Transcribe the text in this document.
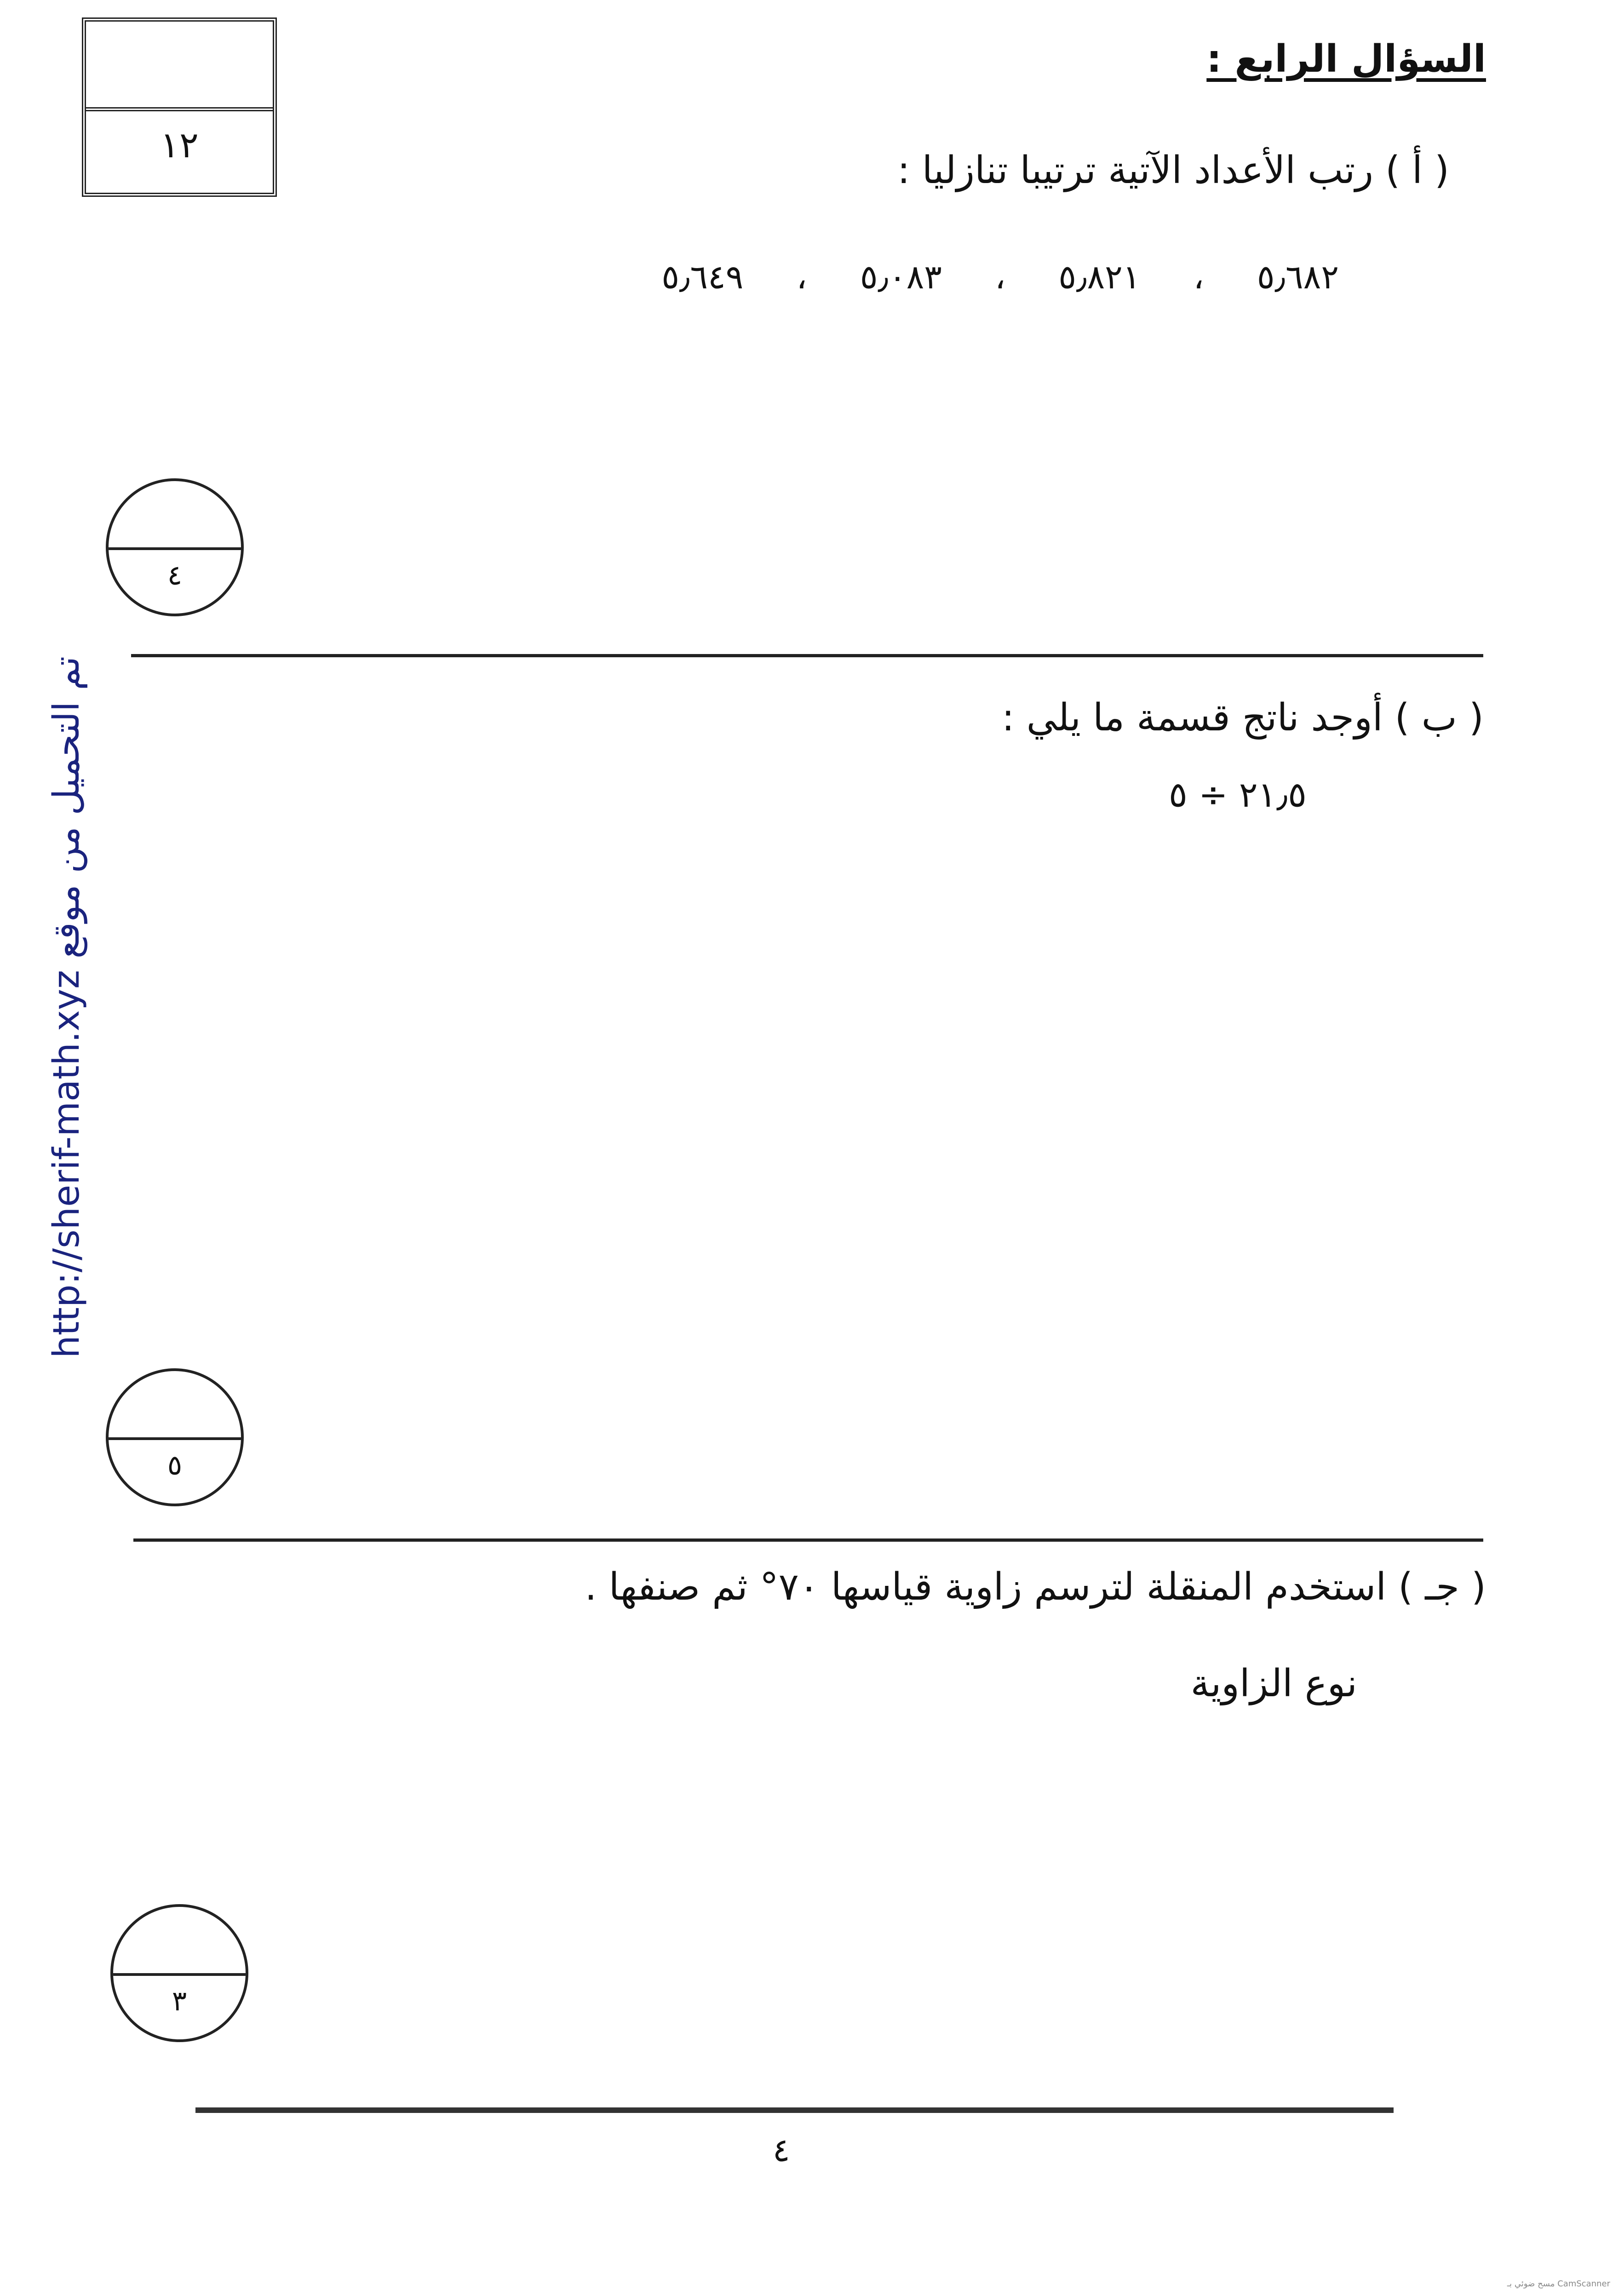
السؤال الرابع :
١٢
( أ ) رتب الأعداد الآتية ترتيبا تنازليا :
٥٫٦٨٢ ، ٥٫٨٢١ ، ٥٫٠٨٣ ، ٥٫٦٤٩
٤
( ب ) أوجد ناتج قسمة ما يلي :
٢١٫٥ ÷ ٥
٥
( جـ ) استخدم المنقلة لترسم زاوية قياسها ٧٠° ثم صنفها .
نوع الزاوية
٣
٤
تم التحميل من موقع http://sherif-math.xyz
CamScanner مسح ضوئي بـ
